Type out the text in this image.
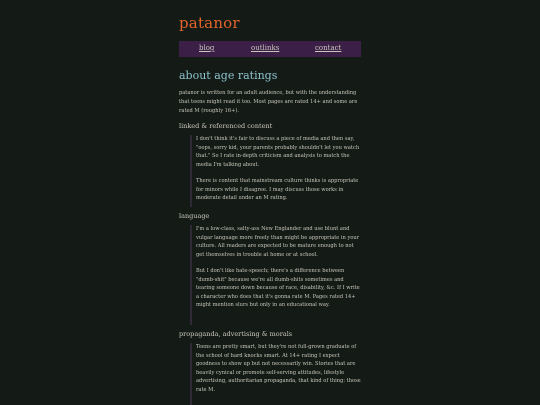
patanor
blog	outlinks	contact
about age ratings
patanor is written for an adult audience, but with the understanding that teens might read it too. Most pages are rated 14+ and some are rated M (roughly 16+).
linked & referenced content
I don't think it's fair to discuss a piece of media and then say, "oops, sorry kid, your parents probably shouldn't let you watch that." So I rate in-depth criticism and analysis to match the media I'm talking about.
There is content that mainstream culture thinks is appropriate for minors while I disagree. I may discuss those works in moderate detail under an M rating.
language
I'm a low-class, salty-ass New Englander and use blunt and vulgar language more freely than might be appropriate in your culture. All readers are expected to be mature enough to not get themselves in trouble at home or at school.
But I don't like hate-speech; there's a difference between "dumb-shit" because we're all dumb-shits sometimes and tearing someone down because of race, disability, &c. If I write a character who does that it's gonna rate M. Pages rated 14+ might mention slurs but only in an educational way.
propaganda, advertising & morals
Teens are pretty smart, but they're not full-grown graduate of the school of hard knocks smart. At 14+ rating I expect goodness to show up but not necessarily win. Stories that are heavily cynical or promote self-serving attitudes, lifestyle advertising, authoritarian propaganda, that kind of thing: those rate M.
